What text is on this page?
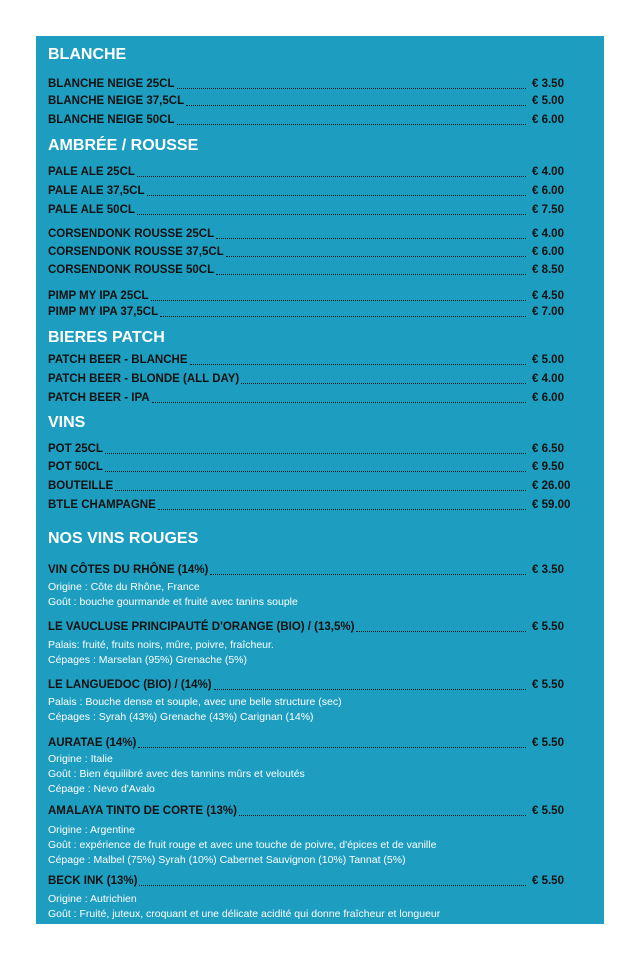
BLANCHE
BLANCHE NEIGE 25CL	€ 3.50
BLANCHE NEIGE 37,5CL	€ 5.00
BLANCHE NEIGE 50CL	€ 6.00
AMBRÉE / ROUSSE
PALE ALE 25CL	€ 4.00
PALE ALE 37,5CL	€ 6.00
PALE ALE 50CL	€ 7.50
CORSENDONK ROUSSE 25CL	€ 4.00
CORSENDONK ROUSSE 37,5CL	€ 6.00
CORSENDONK ROUSSE 50CL	€ 8.50
PIMP MY IPA 25CL	€ 4.50
PIMP MY IPA 37,5CL	€ 7.00
BIERES PATCH
PATCH BEER - BLANCHE	€ 5.00
PATCH BEER - BLONDE (ALL DAY)	€ 4.00
PATCH BEER - IPA	€ 6.00
VINS
POT 25CL	€ 6.50
POT 50CL	€ 9.50
BOUTEILLE	€ 26.00
BTLE CHAMPAGNE	€ 59.00
NOS VINS ROUGES
VIN CÔTES DU RHÔNE (14%)	€ 3.50
Origine : Côte du Rhône, France
Goût : bouche gourmande et fruité avec tanins souple
LE VAUCLUSE PRINCIPAUTÉ D'ORANGE (BIO) / (13,5%)	€ 5.50
Palais: fruité, fruits noirs, mûre, poivre, fraîcheur.
Cépages : Marselan (95%) Grenache (5%)
LE LANGUEDOC (BIO) / (14%)	€ 5.50
Palais : Bouche dense et souple, avec une belle structure (sec)
Cépages : Syrah (43%) Grenache (43%) Carignan (14%)
AURATAE (14%)	€ 5.50
Origine : Italie
Goût : Bien équilibré avec des tannins mûrs et veloutés
Cépage : Nevo d'Avalo
AMALAYA TINTO DE CORTE (13%)	€ 5.50
Origine : Argentine
Goût : expérience de fruit rouge et avec une touche de poivre, d'épices et de vanille
Cépage : Malbel (75%) Syrah (10%) Cabernet Sauvignon (10%) Tannat (5%)
BECK INK (13%)	€ 5.50
Origine : Autrichien
Goût : Fruité, juteux, croquant et une délicate acidité qui donne fraîcheur et longueur
